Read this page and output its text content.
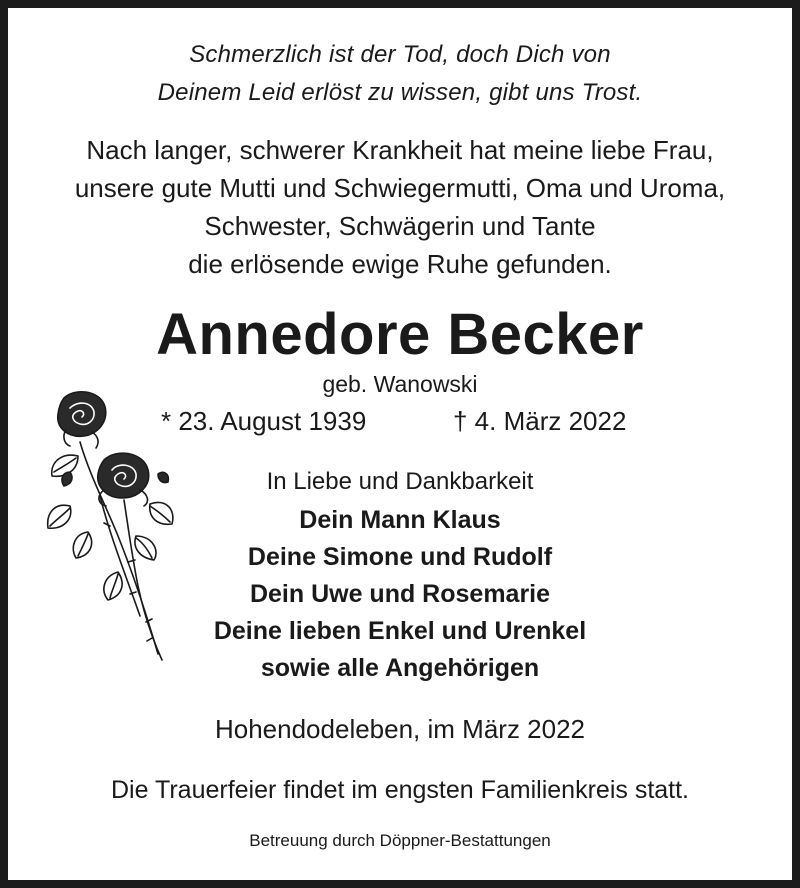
Schmerzlich ist der Tod, doch Dich von
Deinem Leid erlöst zu wissen, gibt uns Trost.
Nach langer, schwerer Krankheit hat meine liebe Frau,
unsere gute Mutti und Schwiegermutti, Oma und Uroma,
Schwester, Schwägerin und Tante
die erlösende ewige Ruhe gefunden.
Annedore Becker
geb. Wanowski
* 23. August 1939	† 4. März 2022
In Liebe und Dankbarkeit
Dein Mann Klaus
Deine Simone und Rudolf
Dein Uwe und Rosemarie
Deine lieben Enkel und Urenkel
sowie alle Angehörigen
Hohendodeleben, im März 2022
Die Trauerfeier findet im engsten Familienkreis statt.
Betreuung durch Döppner-Bestattungen
